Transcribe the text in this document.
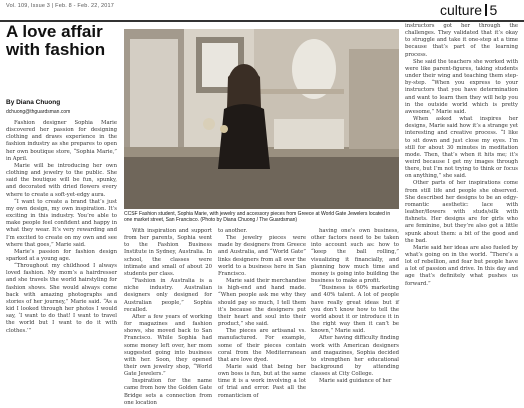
Vol. 109, Issue 3 | Feb. 8 - Feb. 22, 2017	culture 5
A love affair with fashion
By Diana Chuong
dchuong@thguardsman.com
CCSF Fashion student, Sophia Marie, with jewelry and accessory pieces from Greece at World Gate Jewelers located in one market street, San Francisco. (Photo by Diana Chuong / The Guardsman)

Fashion designer Sophia Marie discovered her passion for designing clothing and draws experience in the fashion industry as she prepares to open her own boutique store, “Sophia Marie,” in April.

Marie will be introducing her own clothing and jewelry to the public. She said the boutique will be fun, spunky, and decorated with dried flowers every where to create a soft-yet-edgy aura.

“I want to create a brand that’s just my own design, my own inspiration. It’s exciting in this industry. You’re able to make people feel confident and happy in what they wear. It’s very rewarding and I’m excited to create on my own and see where that goes,” Marie said.

Marie’s passion for fashion design sparked at a young age.

“Throughout my childhood I always loved fashion. My mom’s a hairdresser and she travels the world hairstyling for fashion shows. She would always come back with amazing photographs and stories of her journey,” Marie said. “As a kid I looked through her photos I would say, ‘I want to do that! I want to travel the world but I want to do it with clothes.’”

With inspiration and support from her parents, Sophia went to the Fashion Business Institute in Sydney, Australia. In school, the classes were intimate and small of about 20 students per class.

“Fashion in Australia is a niche industry. Australian designers only designed for Australian people,” Sophia recalled.

After a few years of working for magazines and fashion shows, she moved back to San Francisco. While Sophia had some money left over, her mom suggested going into business with her. Soon, they opened their own jewelry shop, “World Gate Jewelers.”

Inspiration for the name came from how the Golden Gate Bridge sets a connection from one location

to another.

The jewelry pieces were made by designers from Greece and Australia, and “World Gate” links designers from all over the world to a business here in San Francisco.

Marie said their merchandise is high-end and hand made. “When people ask me why they should pay so much, I tell them it’s because the designers put their heart and soul into their product,” she said.

The pieces are artisanal vs. manufactured. For example, some of their pieces contain coral from the Mediterranean that are love dyed.

Marie said that being her own boss is fun, but at the same time it is a work involving a lot of trial and error. Past all the romanticism of

having one’s own business, other factors need to be taken into account such as: how to “keep the ball rolling,” visualizing it financially, and planning how much time and money is going into building the business to make a profit.

“Business is 60% marketing and 40% talent. A lot of people have really great ideas but if you don’t know how to tell the world about it or introduce it in the right way then it can’t be known,” Marie said.

After having difficulty finding work with American designers and magazines, Sophia decided to strengthen her educational background by attending classes at City College.

Marie said guidance of her

instructors got her through the challenges. They validated that it’s okay to struggle and take it one-step at a time because that’s part of the learning process.

She said the teachers she worked with were like parent-figures, taking students under their wing and teaching them step-by-step. “When you express to your instructors that you have determination and want to learn then they will help you in the outside world which is pretty awesome,” Marie said.

When asked what inspires her designs, Marie said how it’s a strange yet interesting and creative process. “I like to sit down and just close my eyes. I’m still for about 30 minutes in meditation mode. Then, that’s when it hits me; it’s weird because I get my images through there, but I’m not trying to think or focus on anything,” she said.

Other parts of her inspirations come from still life and people she observed. She described her designs to be an edgy-romantic aesthetic: lace with leather/flowers with studs/silk with fishnets. Her designs are for girls who are feminine, but they’re also got a little spunk about them: a bit of the good and the bad.

Marie said her ideas are also fueled by what’s going on in the world. “There’s a lot of rebellion, and fear but people have a lot of passion and drive. In this day and age that’s definitely what pushes us forward.”
